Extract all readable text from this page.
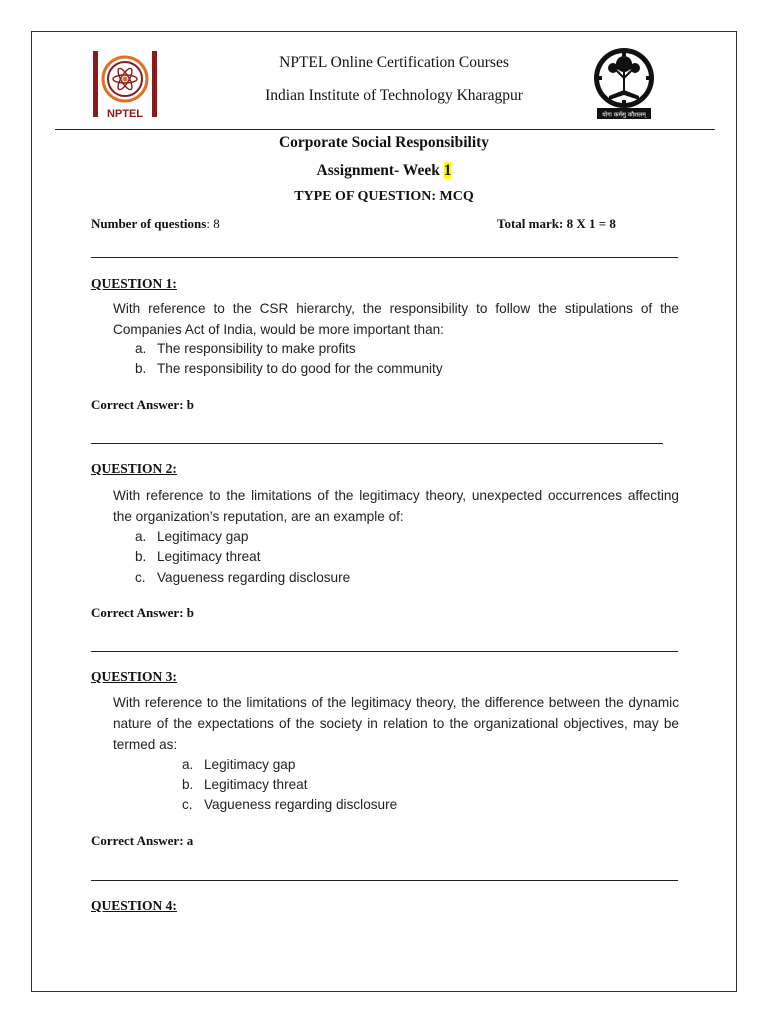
NPTEL
NPTEL Online Certification Courses
Indian Institute of Technology Kharagpur
योगः कर्मसु कौशलम्
Corporate Social Responsibility
Assignment- Week 1
TYPE OF QUESTION: MCQ
Number of questions: 8	Total mark: 8 X 1 = 8
QUESTION 1:
With reference to the CSR hierarchy, the responsibility to follow the stipulations of the Companies Act of India, would be more important than:
a. The responsibility to make profits
b. The responsibility to do good for the community
Correct Answer: b
QUESTION 2:
With reference to the limitations of the legitimacy theory, unexpected occurrences affecting the organization’s reputation, are an example of:
a. Legitimacy gap
b. Legitimacy threat
c. Vagueness regarding disclosure
Correct Answer: b
QUESTION 3:
With reference to the limitations of the legitimacy theory, the difference between the dynamic nature of the expectations of the society in relation to the organizational objectives, may be termed as:
a. Legitimacy gap
b. Legitimacy threat
c. Vagueness regarding disclosure
Correct Answer: a
QUESTION 4:
